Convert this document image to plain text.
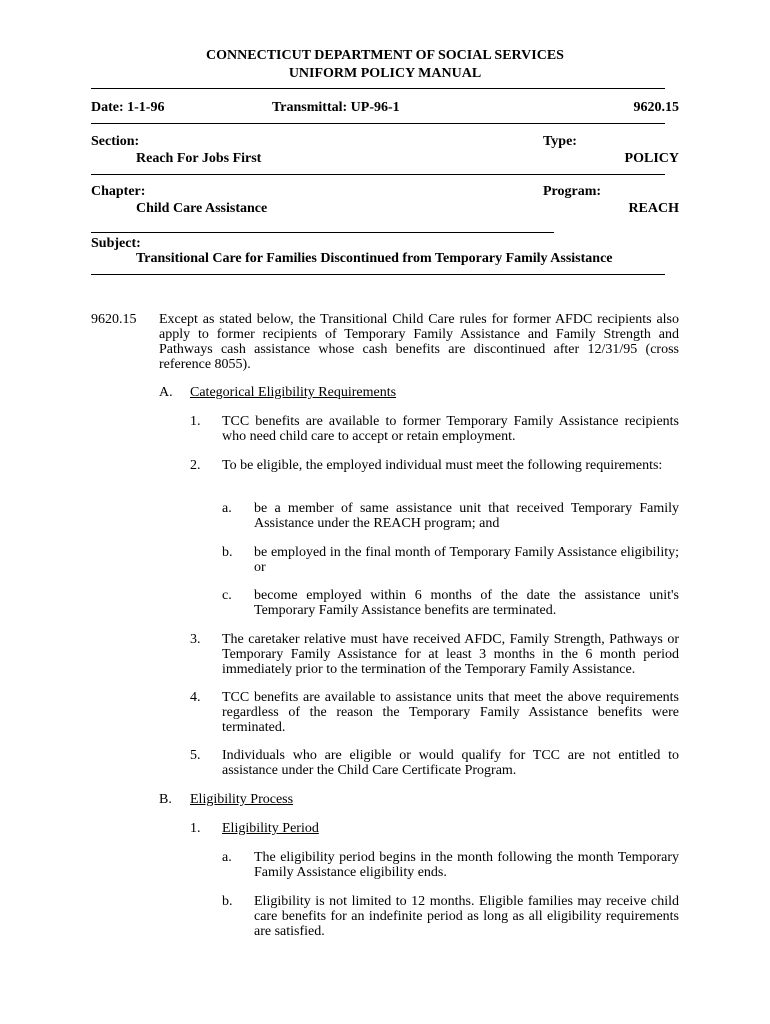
CONNECTICUT DEPARTMENT OF SOCIAL SERVICES
UNIFORM POLICY MANUAL
Date: 1-1-96	Transmittal: UP-96-1	9620.15
Section:
Reach For Jobs First
Type:
POLICY
Chapter:
Child Care Assistance
Program:
REACH
Subject:
Transitional Care for Families Discontinued from Temporary Family Assistance
9620.15 Except as stated below, the Transitional Child Care rules for former AFDC recipients also apply to former recipients of Temporary Family Assistance and Family Strength and Pathways cash assistance whose cash benefits are discontinued after 12/31/95 (cross reference 8055).
A. Categorical Eligibility Requirements
1. TCC benefits are available to former Temporary Family Assistance recipients who need child care to accept or retain employment.
2. To be eligible, the employed individual must meet the following requirements:
a. be a member of same assistance unit that received Temporary Family Assistance under the REACH program; and
b. be employed in the final month of Temporary Family Assistance eligibility; or
c. become employed within 6 months of the date the assistance unit's Temporary Family Assistance benefits are terminated.
3. The caretaker relative must have received AFDC, Family Strength, Pathways or Temporary Family Assistance for at least 3 months in the 6 month period immediately prior to the termination of the Temporary Family Assistance.
4. TCC benefits are available to assistance units that meet the above requirements regardless of the reason the Temporary Family Assistance benefits were terminated.
5. Individuals who are eligible or would qualify for TCC are not entitled to assistance under the Child Care Certificate Program.
B. Eligibility Process
1. Eligibility Period
a. The eligibility period begins in the month following the month Temporary Family Assistance eligibility ends.
b. Eligibility is not limited to 12 months. Eligible families may receive child care benefits for an indefinite period as long as all eligibility requirements are satisfied.
